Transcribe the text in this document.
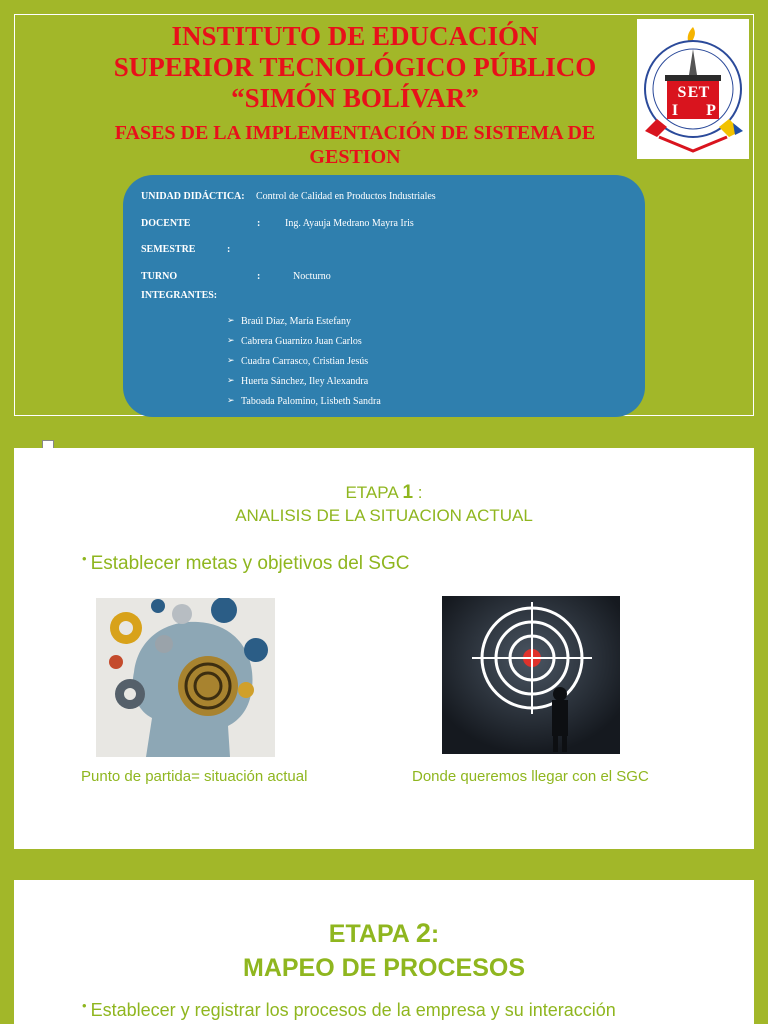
INSTITUTO DE EDUCACIÓN
SUPERIOR TECNOLÓGICO PÚBLICO
“SIMÓN BOLÍVAR”
FASES DE LA IMPLEMENTACIÓN DE SISTEMA DE
GESTION
E
S T
I P
UNIDAD DIDÁCTICA: Control de Calidad en Productos Industriales
DOCENTE	: Ing. Ayauja Medrano Mayra Iris
SEMESTRE	:
TURNO	:	Nocturno
INTEGRANTES:
➢ Braúl Díaz, María Estefany
➢ Cabrera Guarnizo Juan Carlos
➢ Cuadra Carrasco, Cristian Jesús
➢ Huerta Sánchez, Iley Alexandra
➢ Taboada Palomino, Lisbeth Sandra
ETAPA 1 :
ANALISIS DE LA SITUACION ACTUAL
• Establecer metas y objetivos del SGC
Punto de partida= situación actual	Donde queremos llegar con el SGC
ETAPA 2:
MAPEO DE PROCESOS
• Establecer y registrar los procesos de la empresa y su interacción
